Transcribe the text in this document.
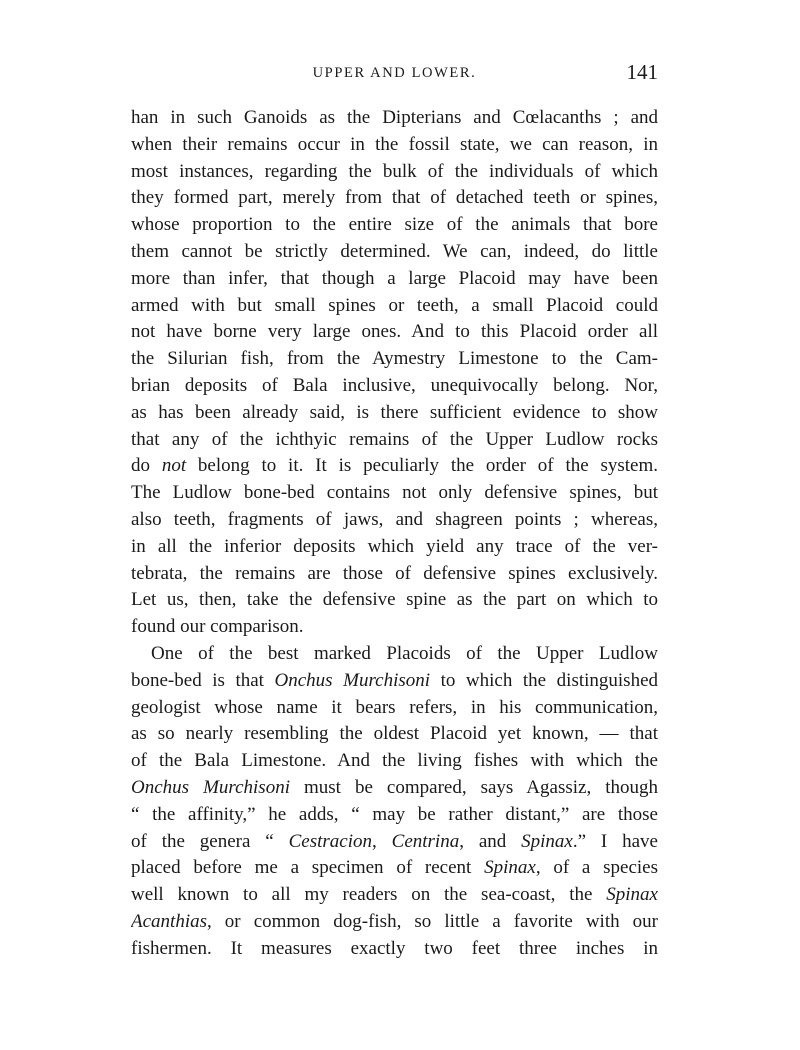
UPPER AND LOWER.	141
han in such Ganoids as the Dipterians and Cœlacanths ; and
when their remains occur in the fossil state, we can reason, in
most instances, regarding the bulk of the individuals of which
they formed part, merely from that of detached teeth or spines,
whose proportion to the entire size of the animals that bore
them cannot be strictly determined. We can, indeed, do little
more than infer, that though a large Placoid may have been
armed with but small spines or teeth, a small Placoid could
not have borne very large ones. And to this Placoid order all
the Silurian fish, from the Aymestry Limestone to the Cam-
brian deposits of Bala inclusive, unequivocally belong. Nor,
as has been already said, is there sufficient evidence to show
that any of the ichthyic remains of the Upper Ludlow rocks
do not belong to it. It is peculiarly the order of the system.
The Ludlow bone-bed contains not only defensive spines, but
also teeth, fragments of jaws, and shagreen points ; whereas,
in all the inferior deposits which yield any trace of the ver-
tebrata, the remains are those of defensive spines exclusively.
Let us, then, take the defensive spine as the part on which to
found our comparison.
One of the best marked Placoids of the Upper Ludlow
bone-bed is that Onchus Murchisoni to which the distinguished
geologist whose name it bears refers, in his communication,
as so nearly resembling the oldest Placoid yet known, — that
of the Bala Limestone. And the living fishes with which the
Onchus Murchisoni must be compared, says Agassiz, though
“ the affinity,” he adds, “ may be rather distant,” are those
of the genera “ Cestracion, Centrina, and Spinax.” I have
placed before me a specimen of recent Spinax, of a species
well known to all my readers on the sea-coast, the Spinax
Acanthias, or common dog-fish, so little a favorite with our
fishermen. It measures exactly two feet three inches in
